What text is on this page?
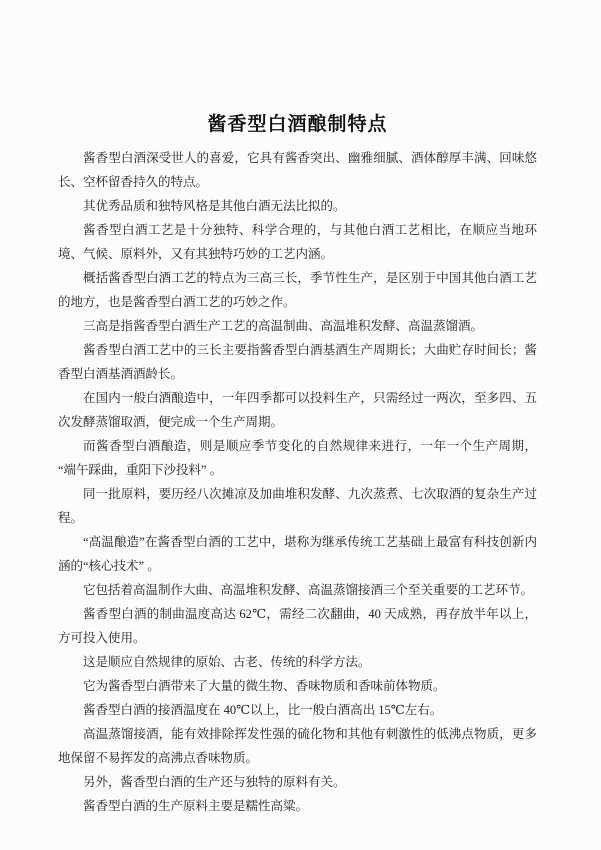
酱香型白酒酿制特点

酱香型白酒深受世人的喜爱，它具有酱香突出、幽雅细腻、酒体醇厚丰满、回味悠长、空杯留香持久的特点。

其优秀品质和独特风格是其他白酒无法比拟的。

酱香型白酒工艺是十分独特、科学合理的，与其他白酒工艺相比，在顺应当地环境、气候、原料外，又有其独特巧妙的工艺内涵。

概括酱香型白酒工艺的特点为三高三长，季节性生产，是区别于中国其他白酒工艺的地方，也是酱香型白酒工艺的巧妙之作。

三高是指酱香型白酒生产工艺的高温制曲、高温堆积发酵、高温蒸馏酒。

酱香型白酒工艺中的三长主要指酱香型白酒基酒生产周期长；大曲贮存时间长；酱香型白酒基酒酒龄长。

在国内一般白酒酿造中，一年四季都可以投料生产，只需经过一两次，至多四、五次发酵蒸馏取酒，便完成一个生产周期。

而酱香型白酒酿造，则是顺应季节变化的自然规律来进行，一年一个生产周期，“端午踩曲，重阳下沙投料” 。

同一批原料，要历经八次摊凉及加曲堆积发酵、九次蒸煮、七次取酒的复杂生产过程。

“高温酿造”在酱香型白酒的工艺中，堪称为继承传统工艺基础上最富有科技创新内涵的“核心技术” 。

它包括着高温制作大曲、高温堆积发酵、高温蒸馏接酒三个至关重要的工艺环节。

酱香型白酒的制曲温度高达 62℃，需经二次翻曲，40 天成熟，再存放半年以上，方可投入使用。

这是顺应自然规律的原始、古老、传统的科学方法。

它为酱香型白酒带来了大量的微生物、香味物质和香味前体物质。

酱香型白酒的接酒温度在 40℃以上，比一般白酒高出 15℃左右。

高温蒸馏接酒，能有效排除挥发性强的硫化物和其他有刺激性的低沸点物质，更多地保留不易挥发的高沸点香味物质。

另外，酱香型白酒的生产还与独特的原料有关。

酱香型白酒的生产原料主要是糯性高粱。
